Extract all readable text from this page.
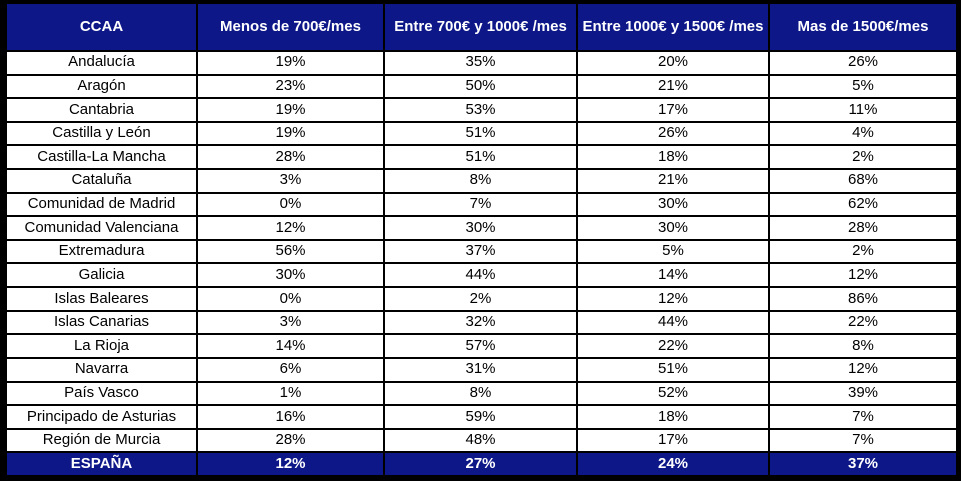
CCAA	Menos de 700€/mes	Entre 700€ y 1000€ /mes	Entre 1000€ y 1500€ /mes	Mas de 1500€/mes
Andalucía	19%	35%	20%	26%
Aragón	23%	50%	21%	5%
Cantabria	19%	53%	17%	11%
Castilla y León	19%	51%	26%	4%
Castilla-La Mancha	28%	51%	18%	2%
Cataluña	3%	8%	21%	68%
Comunidad de Madrid	0%	7%	30%	62%
Comunidad Valenciana	12%	30%	30%	28%
Extremadura	56%	37%	5%	2%
Galicia	30%	44%	14%	12%
Islas Baleares	0%	2%	12%	86%
Islas Canarias	3%	32%	44%	22%
La Rioja	14%	57%	22%	8%
Navarra	6%	31%	51%	12%
País Vasco	1%	8%	52%	39%
Principado de Asturias	16%	59%	18%	7%
Región de Murcia	28%	48%	17%	7%
ESPAÑA	12%	27%	24%	37%
